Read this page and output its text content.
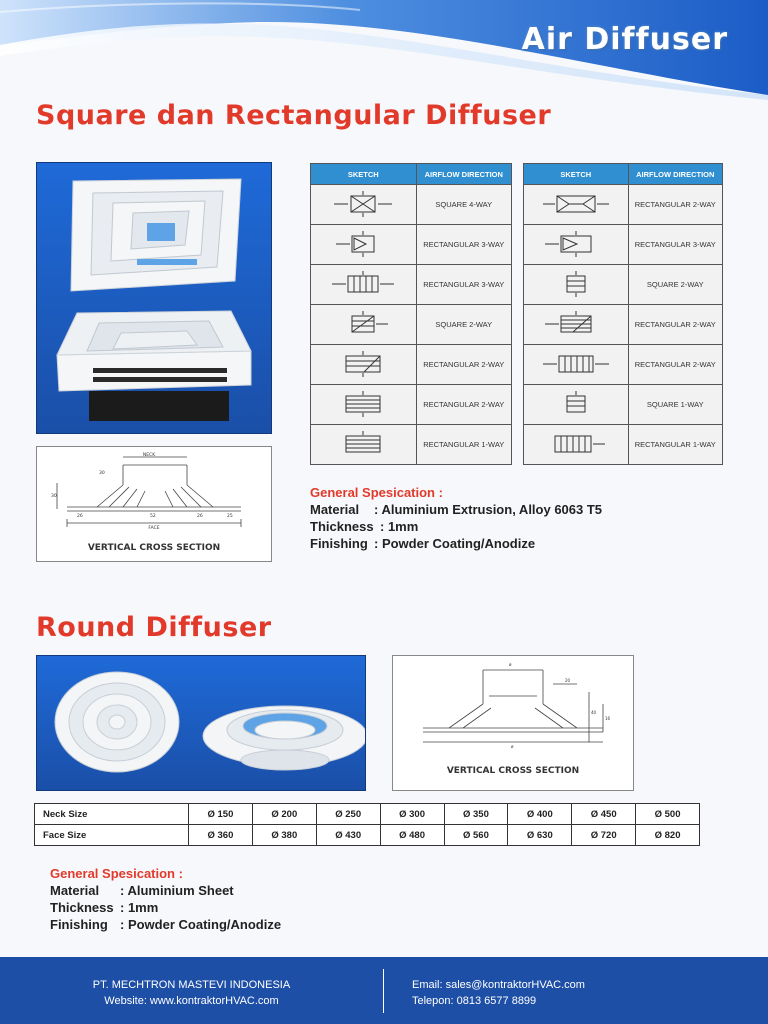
Air Diffuser
Square dan Rectangular Diffuser
NECK
FACE
30
26	52	26	25
30
VERTICAL CROSS SECTION
SKETCH	AIRFLOW DIRECTION
	SQUARE 4-WAY
	RECTANGULAR 3-WAY
	RECTANGULAR 3-WAY
	SQUARE 2-WAY
	RECTANGULAR 2-WAY
	RECTANGULAR 2-WAY
	RECTANGULAR 1-WAY
SKETCH	AIRFLOW DIRECTION
	RECTANGULAR 2-WAY
	RECTANGULAR 3-WAY
	SQUARE 2-WAY
	RECTANGULAR 2-WAY
	RECTANGULAR 2-WAY
	SQUARE 1-WAY
	RECTANGULAR 1-WAY
General Spesication :
Material : Aluminium Extrusion, Alloy 6063 T5
Thickness : 1mm
Finishing : Powder Coating/Anodize
Round Diffuser
ø
ø
20
40
16
VERTICAL CROSS SECTION
Neck Size	Ø 150	Ø 200	Ø 250	Ø 300	Ø 350	Ø 400	Ø 450	Ø 500
Face Size	Ø 360	Ø 380	Ø 430	Ø 480	Ø 560	Ø 630	Ø 720	Ø 820
General Spesication :
Material : Aluminium Sheet
Thickness : 1mm
Finishing : Powder Coating/Anodize
PT. MECHTRON MASTEVI INDONESIA
Website: www.kontraktorHVAC.com
Email: sales@kontraktorHVAC.com
Telepon: 0813 6577 8899
